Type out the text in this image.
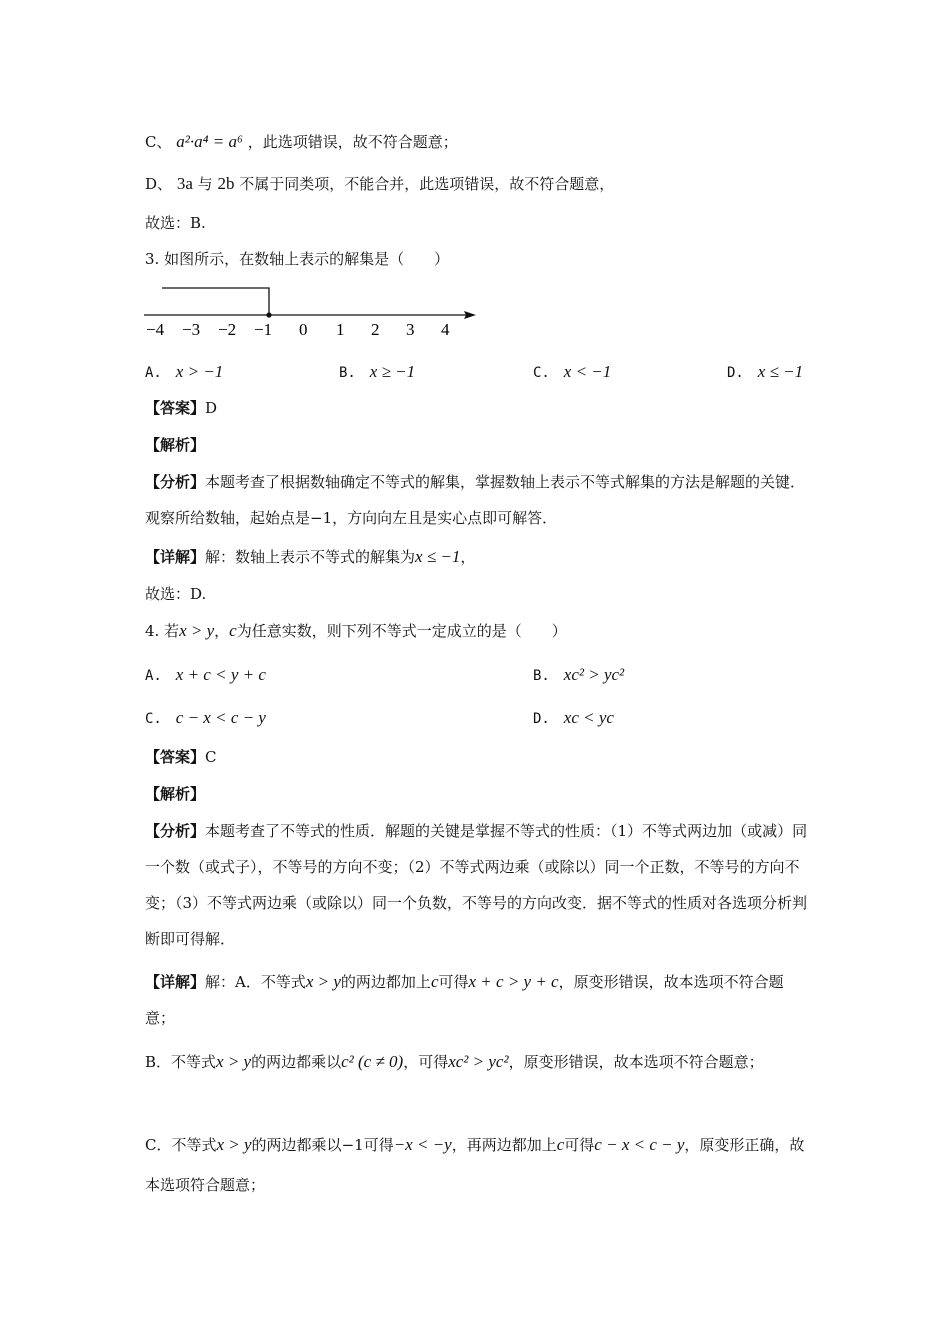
C、 a²·a⁴ = a⁶ ，此选项错误，故不符合题意；
D、 3a 与 2b 不属于同类项，不能合并，此选项错误，故不符合题意，
故选：B.
3. 如图所示，在数轴上表示的解集是（　　）
−4 −3 −2 −1 0 1 2 3 4
A. x > −1	B. x ≥ −1	C. x < −1	D. x ≤ −1
【答案】D
【解析】
【分析】本题考查了根据数轴确定不等式的解集，掌握数轴上表示不等式解集的方法是解题的关键．观察所给数轴，起始点是−1，方向向左且是实心点即可解答．
【详解】解：数轴上表示不等式的解集为x ≤ −1，
故选：D.
4. 若x > y，c为任意实数，则下列不等式一定成立的是（　　）
A. x + c < y + c	B. xc² > yc²
C. c − x < c − y	D. xc < yc
【答案】C
【解析】
【分析】本题考查了不等式的性质．解题的关键是掌握不等式的性质：（1）不等式两边加（或减）同一个数（或式子），不等号的方向不变；（2）不等式两边乘（或除以）同一个正数，不等号的方向不变；（3）不等式两边乘（或除以）同一个负数，不等号的方向改变．据不等式的性质对各选项分析判断即可得解．
【详解】解：A．不等式x > y的两边都加上c可得x + c > y + c，原变形错误，故本选项不符合题意；
B．不等式x > y的两边都乘以c² (c ≠ 0)，可得xc² > yc²，原变形错误，故本选项不符合题意；
C．不等式x > y的两边都乘以−1可得−x < −y，再两边都加上c可得c − x < c − y，原变形正确，故本选项符合题意；
